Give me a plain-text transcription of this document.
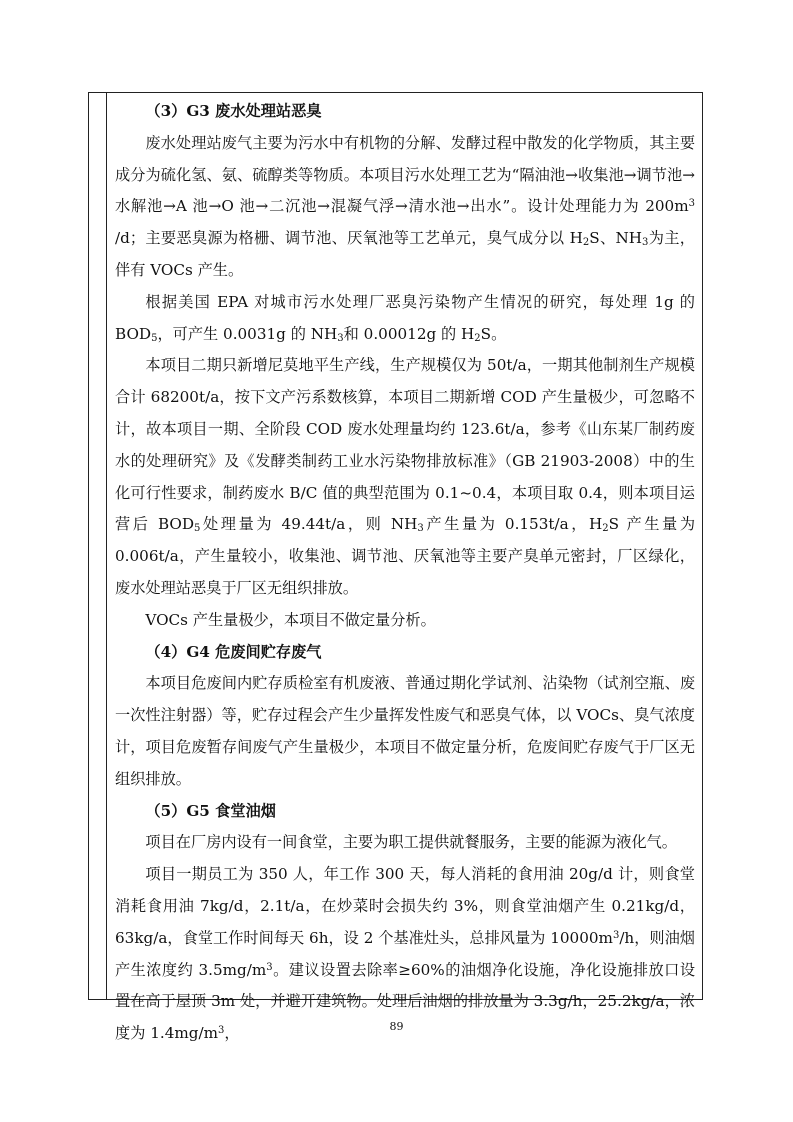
（3）G3 废水处理站恶臭

废水处理站废气主要为污水中有机物的分解、发酵过程中散发的化学物质，其主要成分为硫化氢、氨、硫醇类等物质。本项目污水处理工艺为“隔油池→收集池→调节池→水解池→A 池→O 池→二沉池→混凝气浮→清水池→出水”。设计处理能力为 $200m^3$ /d；主要恶臭源为格栅、调节池、厌氧池等工艺单元，臭气成分以 $H_2S$、$NH_3$为主，伴有 VOCs 产生。

根据美国 EPA 对城市污水处理厂恶臭污染物产生情况的研究，每处理 1g 的 $BOD_5$，可产生 0.0031g 的 $NH_3$和 0.00012g 的 $H_2S$。

本项目二期只新增尼莫地平生产线，生产规模仅为 50t/a，一期其他制剂生产规模合计 68200t/a，按下文产污系数核算，本项目二期新增 COD 产生量极少，可忽略不计，故本项目一期、全阶段 COD 废水处理量均约 123.6t/a，参考《山东某厂制药废水的处理研究》及《发酵类制药工业水污染物排放标准》（GB 21903-2008）中的生化可行性要求，制药废水 B/C 值的典型范围为 0.1~0.4，本项目取 0.4，则本项目运营后 $BOD_5$处理量为 49.44t/a，则 $NH_3$产生量为 0.153t/a，$H_2S$ 产生量为 0.006t/a，产生量较小，收集池、调节池、厌氧池等主要产臭单元密封，厂区绿化，废水处理站恶臭于厂区无组织排放。

VOCs 产生量极少，本项目不做定量分析。

（4）G4 危废间贮存废气

本项目危废间内贮存质检室有机废液、普通过期化学试剂、沾染物（试剂空瓶、废一次性注射器）等，贮存过程会产生少量挥发性废气和恶臭气体，以 VOCs、臭气浓度计，项目危废暂存间废气产生量极少，本项目不做定量分析，危废间贮存废气于厂区无组织排放。

（5）G5 食堂油烟

项目在厂房内设有一间食堂，主要为职工提供就餐服务，主要的能源为液化气。

项目一期员工为 350 人，年工作 300 天，每人消耗的食用油 20g/d 计，则食堂消耗食用油 7kg/d，2.1t/a，在炒菜时会损失约 3%，则食堂油烟产生 0.21kg/d，63kg/a，食堂工作时间每天 6h，设 2 个基准灶头，总排风量为 $10000m^3/h$，则油烟产生浓度约 $3.5mg/m^3$。建议设置去除率≥60%的油烟净化设施，净化设施排放口设置在高于屋顶 3m 处，并避开建筑物。处理后油烟的排放量为 3.3g/h，25.2kg/a，浓度为 $1.4mg/m^3$，	89
